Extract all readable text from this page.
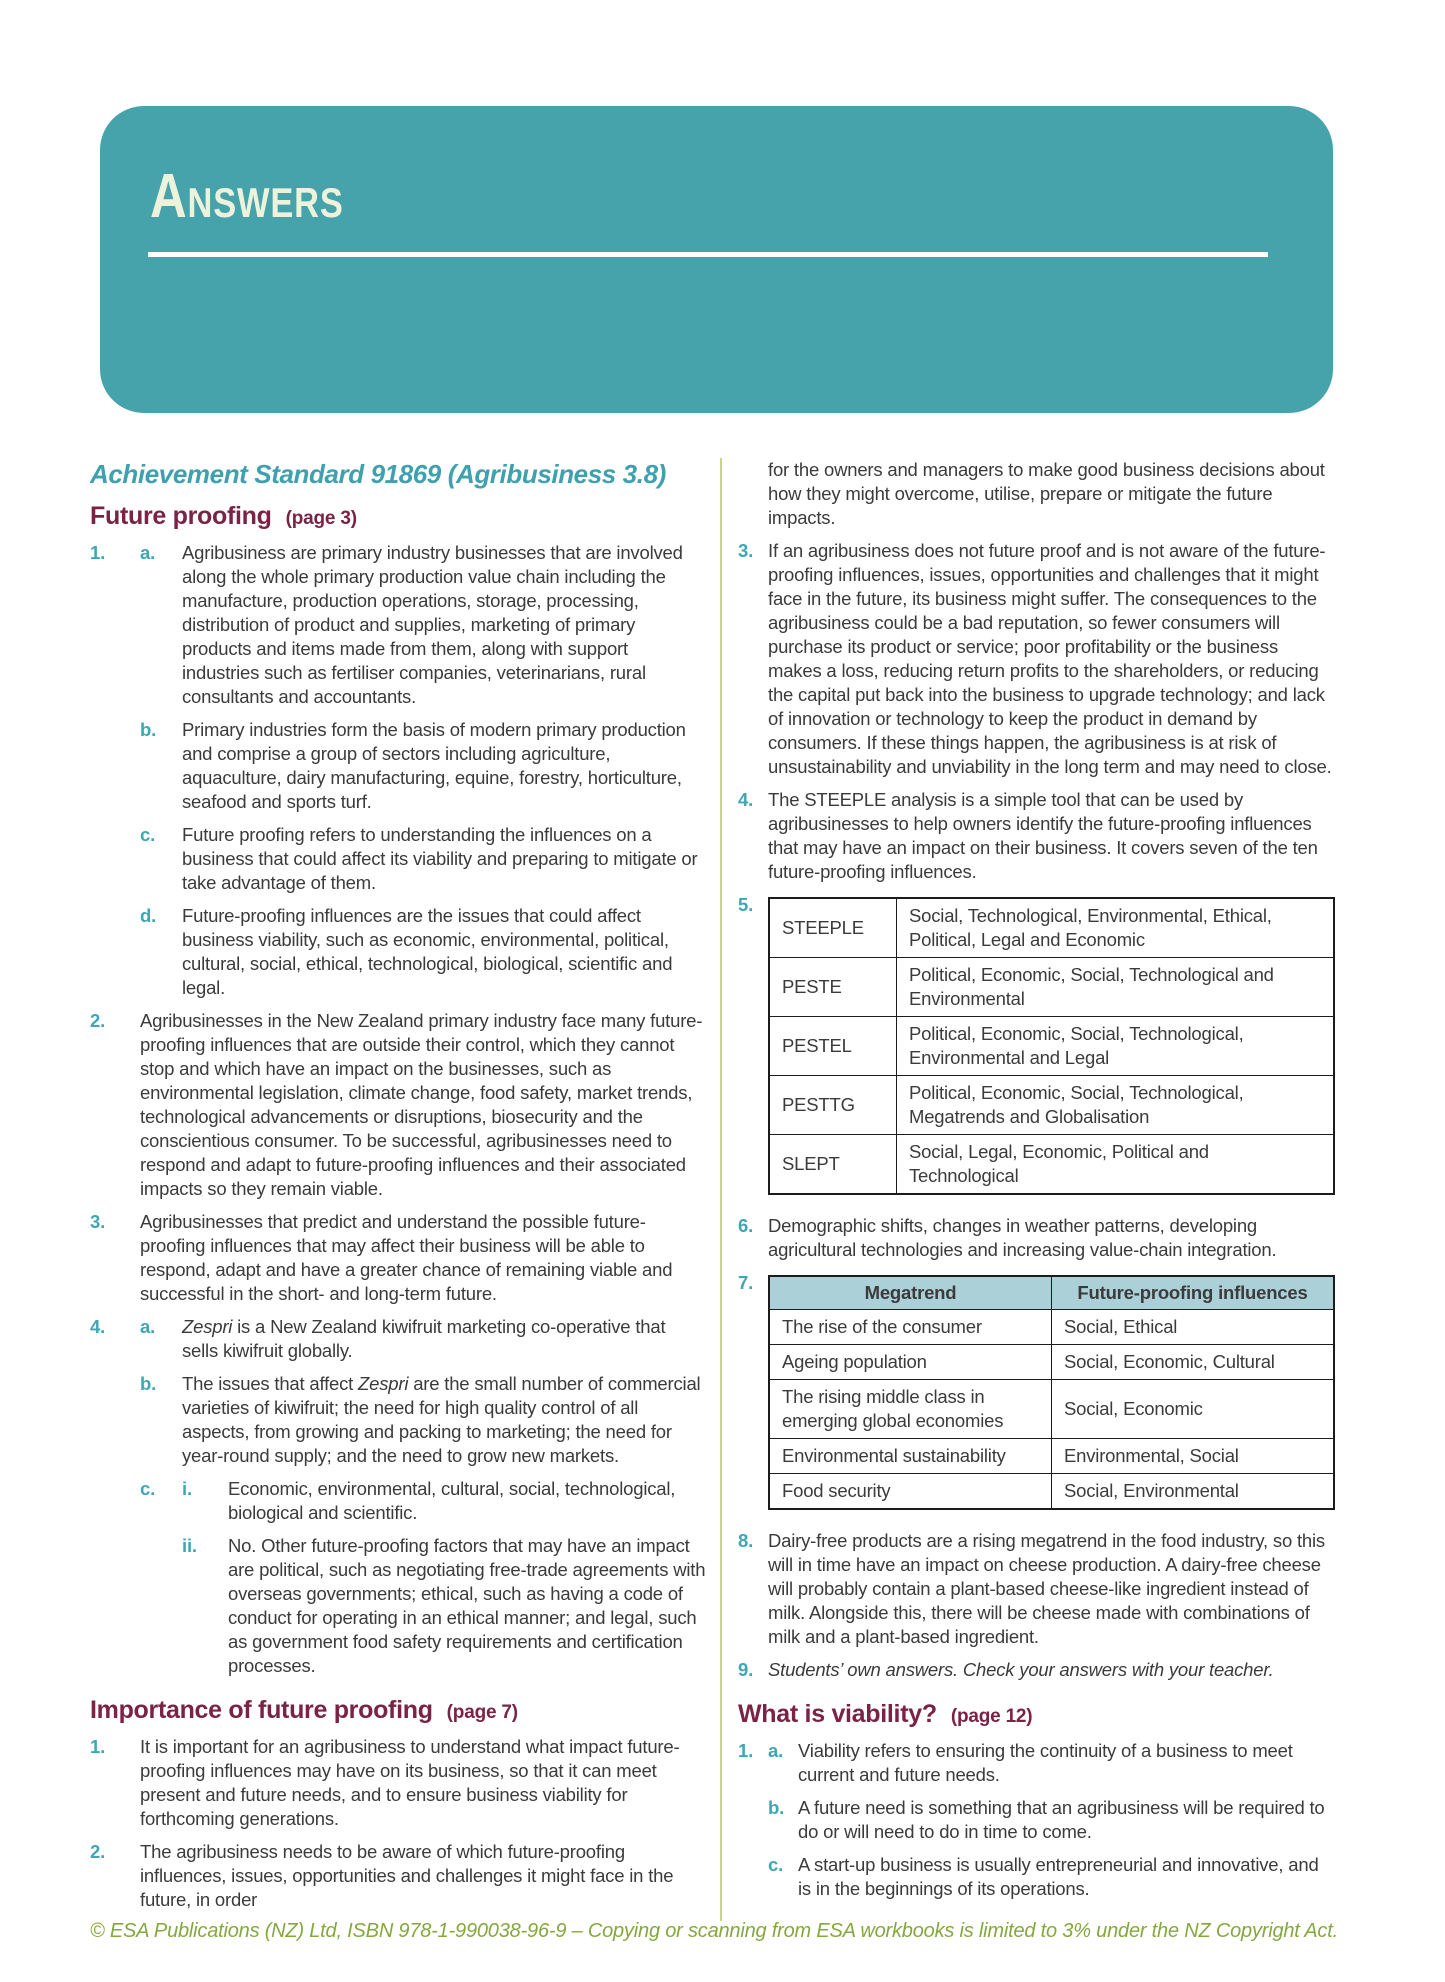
ANSWERS
Achievement Standard 91869 (Agribusiness 3.8)
Future proofing (page 3)
1.	a.	Agribusiness are primary industry businesses that are involved along the whole primary production value chain including the manufacture, production operations, storage, processing, distribution of product and supplies, marketing of primary products and items made from them, along with support industries such as fertiliser companies, veterinarians, rural consultants and accountants.
b.	Primary industries form the basis of modern primary production and comprise a group of sectors including agriculture, aquaculture, dairy manufacturing, equine, forestry, horticulture, seafood and sports turf.
c.	Future proofing refers to understanding the influences on a business that could affect its viability and preparing to mitigate or take advantage of them.
d.	Future-proofing influences are the issues that could affect business viability, such as economic, environmental, political, cultural, social, ethical, technological, biological, scientific and legal.
2.	Agribusinesses in the New Zealand primary industry face many future-proofing influences that are outside their control, which they cannot stop and which have an impact on the businesses, such as environmental legislation, climate change, food safety, market trends, technological advancements or disruptions, biosecurity and the conscientious consumer. To be successful, agribusinesses need to respond and adapt to future-proofing influences and their associated impacts so they remain viable.
3.	Agribusinesses that predict and understand the possible future-proofing influences that may affect their business will be able to respond, adapt and have a greater chance of remaining viable and successful in the short- and long-term future.
4.	a.	Zespri is a New Zealand kiwifruit marketing co-operative that sells kiwifruit globally.
b.	The issues that affect Zespri are the small number of commercial varieties of kiwifruit; the need for high quality control of all aspects, from growing and packing to marketing; the need for year-round supply; and the need to grow new markets.
c.	i.	Economic, environmental, cultural, social, technological, biological and scientific.
ii.	No. Other future-proofing factors that may have an impact are political, such as negotiating free-trade agreements with overseas governments; ethical, such as having a code of conduct for operating in an ethical manner; and legal, such as government food safety requirements and certification processes.
Importance of future proofing (page 7)
1.	It is important for an agribusiness to understand what impact future-proofing influences may have on its business, so that it can meet present and future needs, and to ensure business viability for forthcoming generations.
2.	The agribusiness needs to be aware of which future-proofing influences, issues, opportunities and challenges it might face in the future, in order
for the owners and managers to make good business decisions about how they might overcome, utilise, prepare or mitigate the future impacts.
3. If an agribusiness does not future proof and is not aware of the future-proofing influences, issues, opportunities and challenges that it might face in the future, its business might suffer. The consequences to the agribusiness could be a bad reputation, so fewer consumers will purchase its product or service; poor profitability or the business makes a loss, reducing return profits to the shareholders, or reducing the capital put back into the business to upgrade technology; and lack of innovation or technology to keep the product in demand by consumers. If these things happen, the agribusiness is at risk of unsustainability and unviability in the long term and may need to close.
4. The STEEPLE analysis is a simple tool that can be used by agribusinesses to help owners identify the future-proofing influences that may have an impact on their business. It covers seven of the ten future-proofing influences.
5.
STEEPLE	Social, Technological, Environmental, Ethical, Political, Legal and Economic
PESTE	Political, Economic, Social, Technological and Environmental
PESTEL	Political, Economic, Social, Technological, Environmental and Legal
PESTTG	Political, Economic, Social, Technological, Megatrends and Globalisation
SLEPT	Social, Legal, Economic, Political and Technological
6. Demographic shifts, changes in weather patterns, developing agricultural technologies and increasing value-chain integration.
7.	Megatrend	Future-proofing influences
The rise of the consumer	Social, Ethical
Ageing population	Social, Economic, Cultural
The rising middle class in emerging global economies	Social, Economic
Environmental sustainability	Environmental, Social
Food security	Social, Environmental
8. Dairy-free products are a rising megatrend in the food industry, so this will in time have an impact on cheese production. A dairy-free cheese will probably contain a plant-based cheese-like ingredient instead of milk. Alongside this, there will be cheese made with combinations of milk and a plant-based ingredient.
9. Students’ own answers. Check your answers with your teacher.
What is viability? (page 12)
1. a. Viability refers to ensuring the continuity of a business to meet current and future needs.
b. A future need is something that an agribusiness will be required to do or will need to do in time to come.
c. A start-up business is usually entrepreneurial and innovative, and is in the beginnings of its operations.
© ESA Publications (NZ) Ltd, ISBN 978-1-990038-96-9 – Copying or scanning from ESA workbooks is limited to 3% under the NZ Copyright Act.
